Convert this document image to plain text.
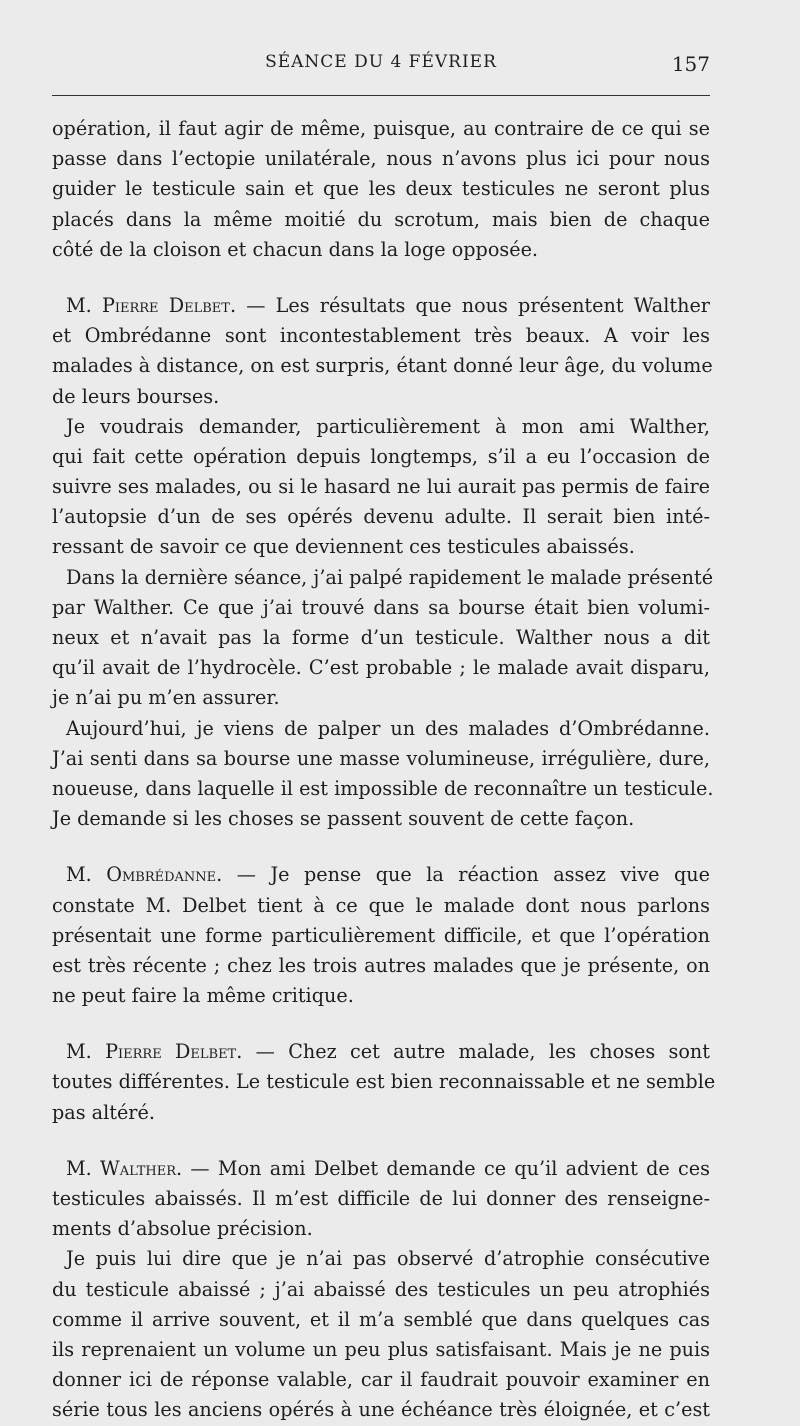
SÉANCE DU 4 FÉVRIER	157
opération, il faut agir de même, puisque, au contraire de ce qui se
passe dans l’ectopie unilatérale, nous n’avons plus ici pour nous
guider le testicule sain et que les deux testicules ne seront plus
placés dans la même moitié du scrotum, mais bien de chaque
côté de la cloison et chacun dans la loge opposée.
M. Pierre Delbet. — Les résultats que nous présentent Walther
et Ombrédanne sont incontestablement très beaux. A voir les
malades à distance, on est surpris, étant donné leur âge, du volume
de leurs bourses.
Je voudrais demander, particulièrement à mon ami Walther,
qui fait cette opération depuis longtemps, s’il a eu l’occasion de
suivre ses malades, ou si le hasard ne lui aurait pas permis de faire
l’autopsie d’un de ses opérés devenu adulte. Il serait bien inté-
ressant de savoir ce que deviennent ces testicules abaissés.
Dans la dernière séance, j’ai palpé rapidement le malade présenté
par Walther. Ce que j’ai trouvé dans sa bourse était bien volumi-
neux et n’avait pas la forme d’un testicule. Walther nous a dit
qu’il avait de l’hydrocèle. C’est probable ; le malade avait disparu,
je n’ai pu m’en assurer.
Aujourd’hui, je viens de palper un des malades d’Ombrédanne.
J’ai senti dans sa bourse une masse volumineuse, irrégulière, dure,
noueuse, dans laquelle il est impossible de reconnaître un testicule.
Je demande si les choses se passent souvent de cette façon.
M. Ombrédanne. — Je pense que la réaction assez vive que
constate M. Delbet tient à ce que le malade dont nous parlons
présentait une forme particulièrement difficile, et que l’opération
est très récente ; chez les trois autres malades que je présente, on
ne peut faire la même critique.
M. Pierre Delbet. — Chez cet autre malade, les choses sont
toutes différentes. Le testicule est bien reconnaissable et ne semble
pas altéré.
M. Walther. — Mon ami Delbet demande ce qu’il advient de ces
testicules abaissés. Il m’est difficile de lui donner des renseigne-
ments d’absolue précision.
Je puis lui dire que je n’ai pas observé d’atrophie consécutive
du testicule abaissé ; j’ai abaissé des testicules un peu atrophiés
comme il arrive souvent, et il m’a semblé que dans quelques cas
ils reprenaient un volume un peu plus satisfaisant. Mais je ne puis
donner ici de réponse valable, car il faudrait pouvoir examiner en
série tous les anciens opérés à une échéance très éloignée, et c’est
